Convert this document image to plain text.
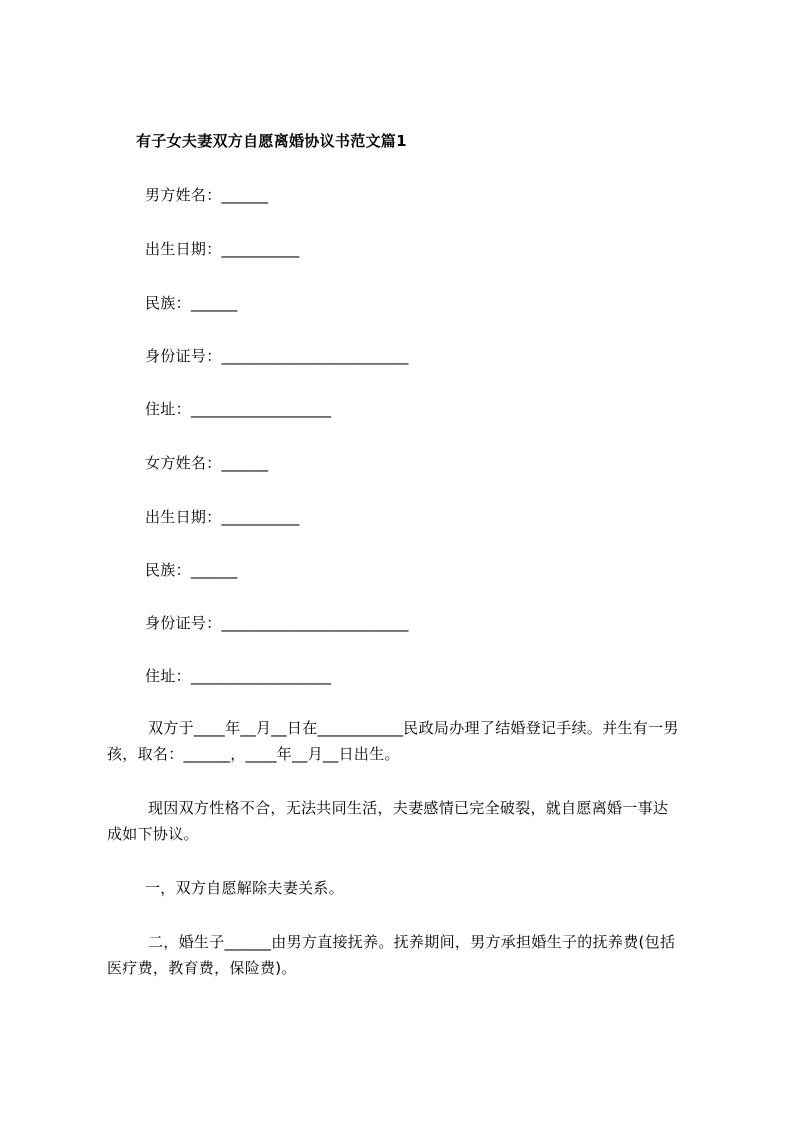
有子女夫妻双方自愿离婚协议书范文篇1
男方姓名：______
出生日期：__________
民族：______
身份证号：________________________
住址：__________________
女方姓名：______
出生日期：__________
民族：______
身份证号：________________________
住址：__________________
双方于____年__月__日在___________民政局办理了结婚登记手续。并生有一男
孩，取名：______，____年__月__日出生。
现因双方性格不合，无法共同生活，夫妻感情已完全破裂，就自愿离婚一事达
成如下协议。
一，双方自愿解除夫妻关系。
二，婚生子______由男方直接抚养。抚养期间，男方承担婚生子的抚养费(包括
医疗费，教育费，保险费)。
